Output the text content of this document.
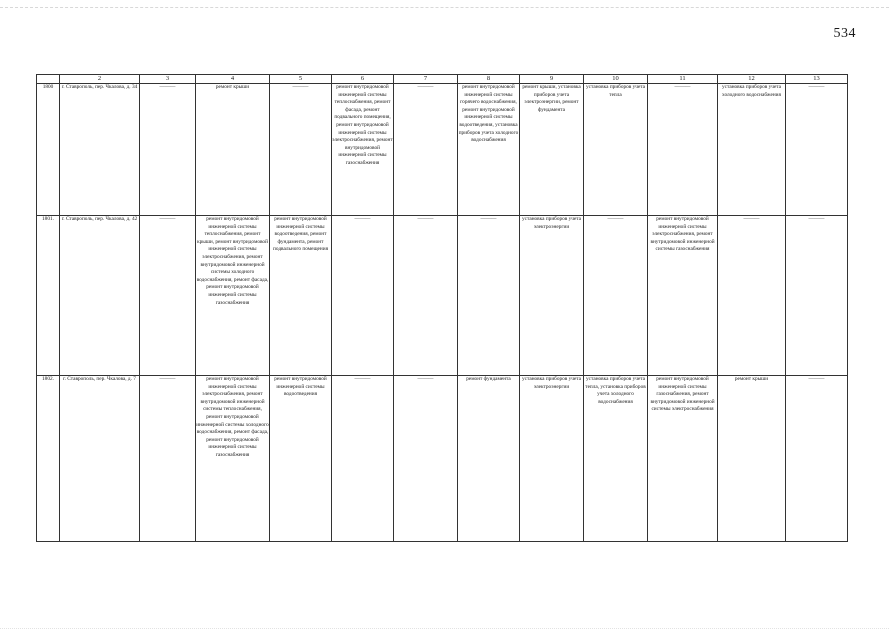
534
	2	3	4	5	6	7	8	9	10	11	12	13
1800	г. Ставрополь, пер. Чкалова, д. 34	———	ремонт крыши	———	ремонт внутридомовой инженерной системы теплоснабжения, ремонт фасада, ремонт подвального помещения, ремонт внутридомовой инженерной системы электроснабжения, ремонт внутридомовой инженерной системы газоснабжения	———	ремонт внутридомовой инженерной системы горячего водоснабжения, ремонт внутридомовой инженерной системы водоотведения, установка приборов учета холодного водоснабжения	ремонт крыши, установка приборов учета электроэнергии, ремонт фундамента	установка приборов учета тепла	———	установка приборов учета холодного водоснабжения	———
1801.	г. Ставрополь, пер. Чкалова, д. 42	———	ремонт внутридомовой инженерной системы теплоснабжения, ремонт крыши, ремонт внутридомовой инженерной системы электроснабжения, ремонт внутридомовой инженерной системы холодного водоснабжения, ремонт фасада, ремонт внутридомовой инженерной системы газоснабжения	ремонт внутридомовой инженерной системы водоотведения, ремонт фундамента, ремонт подвального помещения	———	———	———	установка приборов учета электроэнергии	———	ремонт внутридомовой инженерной системы электроснабжения, ремонт внутридомовой инженерной системы газоснабжения	———	———
1802.	г. Ставрополь, пер. Чкалова, д. 7	———	ремонт внутридомовой инженерной системы электроснабжения, ремонт внутридомовой инженерной системы теплоснабжения, ремонт внутридомовой инженерной системы холодного водоснабжения, ремонт фасада, ремонт внутридомовой инженерной системы газоснабжения	ремонт внутридомовой инженерной системы водоотведения	———	———	ремонт фундамента	установка приборов учета электроэнергии	установка приборов учета тепла, установка приборов учета холодного водоснабжения	ремонт внутридомовой инженерной системы газоснабжения, ремонт внутридомовой инженерной системы электроснабжения	ремонт крыши	———
